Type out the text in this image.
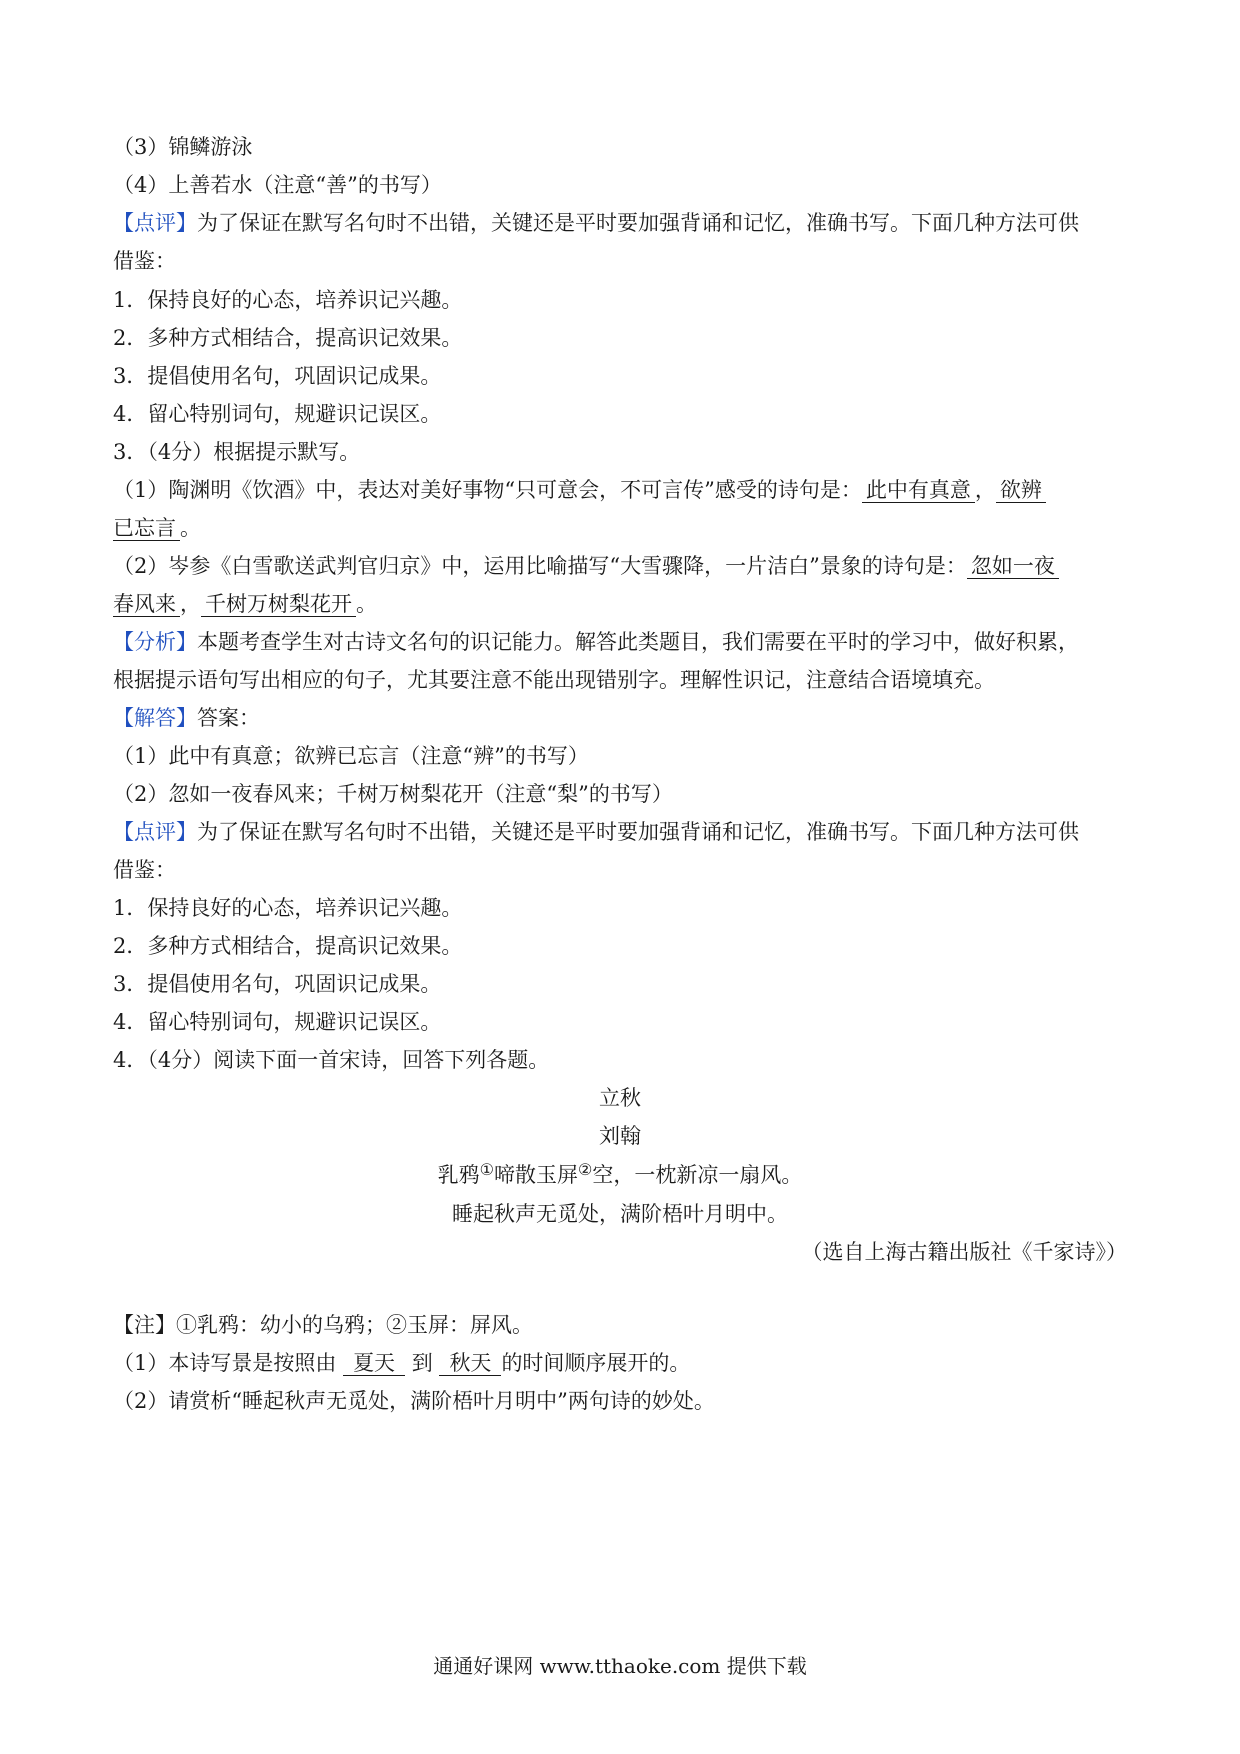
（3）锦鳞游泳
（4）上善若水（注意“善”的书写）
【点评】为了保证在默写名句时不出错，关键还是平时要加强背诵和记忆，准确书写。下面几种方法可供
借鉴：
1．保持良好的心态，培养识记兴趣。
2．多种方式相结合，提高识记效果。
3．提倡使用名句，巩固识记成果。
4．留心特别词句，规避识记误区。
3．（4分）根据提示默写。
（1）陶渊明《饮酒》中，表达对美好事物“只可意会，不可言传”感受的诗句是： 此中有真意 ， 欲辨
已忘言 。
（2）岑参《白雪歌送武判官归京》中，运用比喻描写“大雪骤降，一片洁白”景象的诗句是： 忽如一夜
春风来 ， 千树万树梨花开 。
【分析】本题考查学生对古诗文名句的识记能力。解答此类题目，我们需要在平时的学习中，做好积累，
根据提示语句写出相应的句子，尤其要注意不能出现错别字。理解性识记，注意结合语境填充。
【解答】答案：
（1）此中有真意；欲辨已忘言（注意“辨”的书写）
（2）忽如一夜春风来；千树万树梨花开（注意“梨”的书写）
【点评】为了保证在默写名句时不出错，关键还是平时要加强背诵和记忆，准确书写。下面几种方法可供
借鉴：
1．保持良好的心态，培养识记兴趣。
2．多种方式相结合，提高识记效果。
3．提倡使用名句，巩固识记成果。
4．留心特别词句，规避识记误区。
4．（4分）阅读下面一首宋诗，回答下列各题。
立秋
刘翰
乳鸦①啼散玉屏②空，一枕新凉一扇风。
睡起秋声无觅处，满阶梧叶月明中。
（选自上海古籍出版社《千家诗》）
【注】①乳鸦：幼小的乌鸦；②玉屏：屏风。
（1）本诗写景是按照由 夏天 到 秋天 的时间顺序展开的。
（2）请赏析“睡起秋声无觅处，满阶梧叶月明中”两句诗的妙处。
通通好课网 www.tthaoke.com 提供下载
